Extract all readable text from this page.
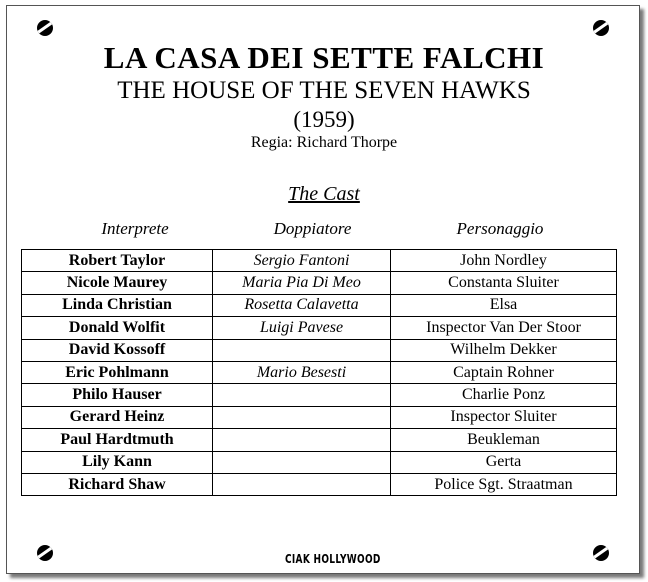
LA CASA DEI SETTE FALCHI
THE HOUSE OF THE SEVEN HAWKS
(1959)
Regia: Richard Thorpe
The Cast
Interprete	Doppiatore	Personaggio
Robert Taylor	Sergio Fantoni	John Nordley
Nicole Maurey	Maria Pia Di Meo	Constanta Sluiter
Linda Christian	Rosetta Calavetta	Elsa
Donald Wolfit	Luigi Pavese	Inspector Van Der Stoor
David Kossoff		Wilhelm Dekker
Eric Pohlmann	Mario Besesti	Captain Rohner
Philo Hauser		Charlie Ponz
Gerard Heinz		Inspector Sluiter
Paul Hardtmuth		Beukleman
Lily Kann		Gerta
Richard Shaw		Police Sgt. Straatman
CIAK HOLLYWOOD
